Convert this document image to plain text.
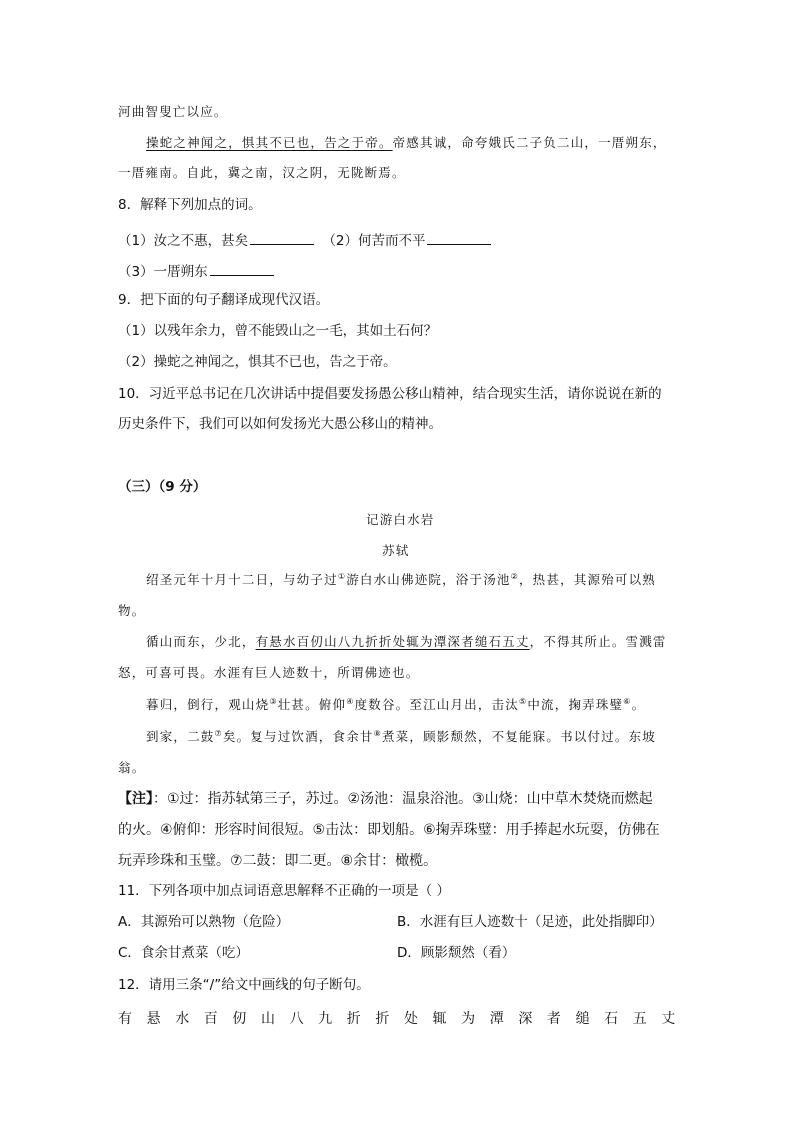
河曲智叟亡以应。
操蛇之神闻之，惧其不已也，告之于帝。帝感其诚，命夸娥氏二子负二山，一厝朔东，
一厝雍南。自此，冀之南，汉之阴，无陇断焉。
8．解释下列加点的词。
（1）汝之不惠，甚矣	（2）何苦而不平
（3）一厝朔东
9．把下面的句子翻译成现代汉语。
（1）以残年余力，曾不能毁山之一毛，其如土石何？
（2）操蛇之神闻之，惧其不已也，告之于帝。
10．习近平总书记在几次讲话中提倡要发扬愚公移山精神，结合现实生活，请你说说在新的
历史条件下，我们可以如何发扬光大愚公移山的精神。
（三）（9 分）
记游白水岩
苏轼
绍圣元年十月十二日，与幼子过①游白水山佛迹院，浴于汤池②，热甚，其源殆可以熟
物。
循山而东，少北，有悬水百仞山八九折折处辄为潭深者缒石五丈，不得其所止。雪溅雷
怒，可喜可畏。水涯有巨人迹数十，所谓佛迹也。
暮归，倒行，观山烧③壮甚。俯仰④度数谷。至江山月出，击汰⑤中流，掬弄珠璧⑥。
到家，二鼓⑦矣。复与过饮酒，食余甘⑧煮菜，顾影颓然，不复能寐。书以付过。东坡
翁。
【注】：①过：指苏轼第三子，苏过。②汤池：温泉浴池。③山烧：山中草木焚烧而燃起
的火。④俯仰：形容时间很短。⑤击汰：即划船。⑥掬弄珠璧：用手捧起水玩耍，仿佛在
玩弄珍珠和玉璧。⑦二鼓：即二更。⑧余甘：橄榄。
11．下列各项中加点词语意思解释不正确的一项是（ ）
A．其源殆可以熟物（危险）	B．水涯有巨人迹数十（足迹，此处指脚印）
C．食余甘煮菜（吃）	D．顾影颓然（看）
12．请用三条“/”给文中画线的句子断句。
有 悬 水 百 仞 山 八 九 折 折 处 辄 为 潭 深 者 缒 石 五 丈
